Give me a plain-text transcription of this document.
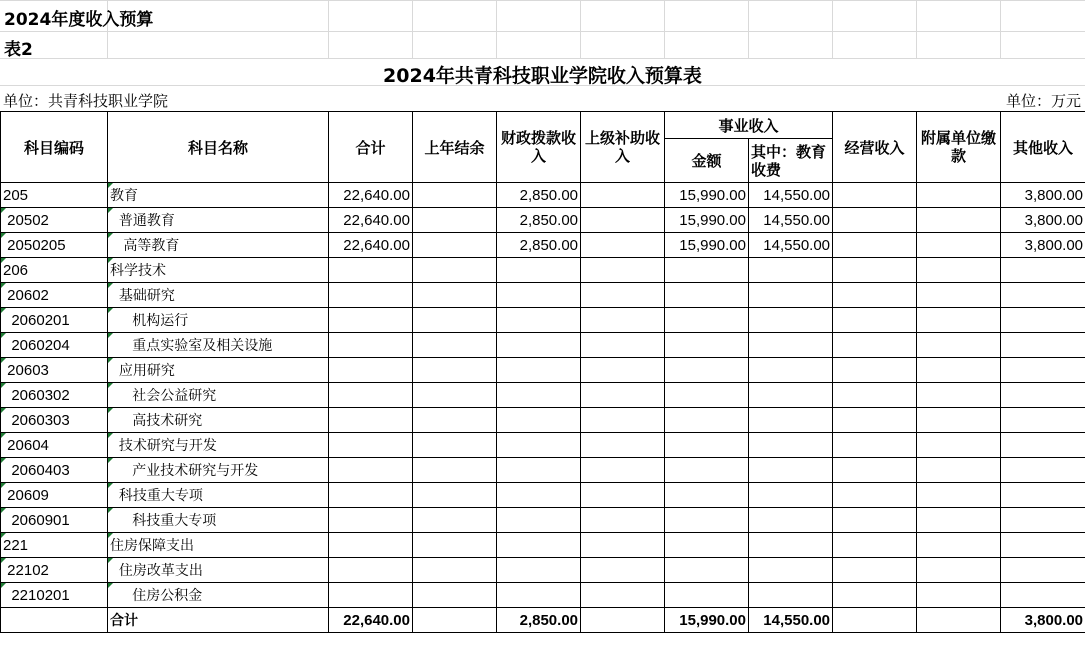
2024年度收入预算
表2
2024年共青科技职业学院收入预算表
单位：共青科技职业学院	单位：万元
科目编码	科目名称	合计	上年结余	财政拨款收入	上级补助收入	事业收入		经营收入	附属单位缴款	其他收入
						金额	其中：教育收费			
205	教育	22,640.00		2,850.00		15,990.00	14,550.00			3,800.00
20502	普通教育	22,640.00		2,850.00		15,990.00	14,550.00			3,800.00
2050205	高等教育	22,640.00		2,850.00		15,990.00	14,550.00			3,800.00
206	科学技术									
20602	基础研究									
2060201	机构运行									
2060204	重点实验室及相关设施									
20603	应用研究									
2060302	社会公益研究									
2060303	高技术研究									
20604	技术研究与开发									
2060403	产业技术研究与开发									
20609	科技重大专项									
2060901	科技重大专项									
221	住房保障支出									
22102	住房改革支出									
2210201	住房公积金									
	合计	22,640.00		2,850.00		15,990.00	14,550.00			3,800.00
